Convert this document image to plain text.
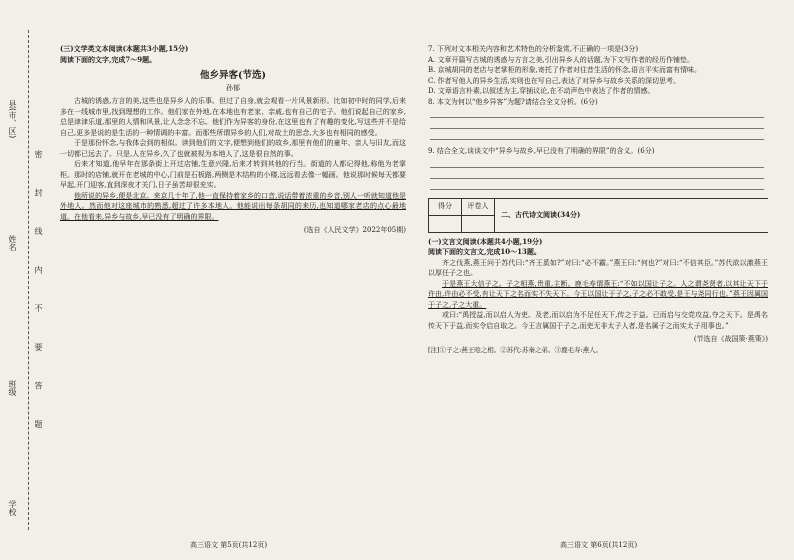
县(市、区)
姓名
班级
学校
密 封 线 内 不 要 答 题
(三)文学类文本阅读(本题共3小题,15分)
阅读下面的文字,完成7～9题。
他乡异客(节选)
孙郁

古城的诱惑,方言的美,这些也是异乡人的乐事。但过了自身,就会观看一片风景新形。比如初中时的同学,后来多在一线城市里,找到理想的工作。他们家在外地,在本地也有老家、亲戚,也有自己的宅子。他们说起自己的家乡,总是津津乐道,那里的人情和风景,让人念念不忘。他们作为异客的身份,在这里也有了有趣的变化,写这些并不是给自己,更多是说的是生活的一种情调的丰富。而那些所谓异乡的人们,对故土的思念,大多也有相同的感受。

于是那份怀念,与我体会到的相似。读到他们的文字,便想到他们的故乡,那里有他们的童年、亲人与旧友,而这一切都已远去了。只是,人在异乡,久了也就被视为本地人了,这是很自然的事。

后来才知道,他早年在那条街上开过店铺,生意兴隆,后来才转到其他的行当。街道的人都记得他,称他为老掌柜。那时的店铺,就开在老城的中心,门前是石板路,两侧是木结构的小楼,远远看去像一幅画。他说那时候每天都要早起,开门迎客,直到深夜才关门,日子虽苦却很充实。

他所说的异乡,便是北京。来京几十年了,他一直保持着家乡的口音,说话带着浓重的乡音,别人一听就知道他是外地人。然而他对这座城市的熟悉,超过了许多本地人。他能说出每条胡同的来历,也知道哪家老店的点心最地道。在他看来,异乡与故乡,早已没有了明确的界限。

(选自《人民文学》2022年05期)

7. 下列对文本相关内容和艺术特色的分析鉴赏,不正确的一项是(3分)

A. 文章开篇写古城的诱惑与方言之美,引出异乡人的话题,为下文写作者的经历作铺垫。

B. 京城胡同的老店与老掌柜的形象,寄托了作者对往昔生活的怀念,语言平实而富有情味。

C. 作者写他人的异乡生活,实则也在写自己,表达了对异乡与故乡关系的深切思考。

D. 文章语言朴素,以叙述为主,穿插议论,在不动声色中表达了作者的情感。

8. 本文为何以“他乡异客”为题?请结合全文分析。(6分)

9. 结合全文,谈谈文中“异乡与故乡,早已没有了明确的界限”的含义。(6分)

得分	评卷人

二、古代诗文阅读(34分)
(一)文言文阅读(本题共4小题,19分)
阅读下面的文言文,完成10～13题。

齐之伐燕,燕王问于苏代曰:“齐王奚如?”对曰:“必不霸。”燕王曰:“何也?”对曰:“不信其臣。”苏代欲以激燕王以厚任子之也。

于是燕王大信子之。子之相燕,贵重,主断。鹿毛寿谓燕王:“不如以国让子之。人之谓尧贤者,以其让天下于许由,许由必不受,有让天下之名而实不失天下。今王以国让于子之,子之必不敢受,是王与尧同行也。”燕王因属国于子之,子之大重。

或曰:“禹授益,而以启人为吏。及老,而以启为不足任天下,传之于益。已而启与交党攻益,夺之天下。是禹名传天下于益,而实令启自取之。今王言属国于子之,而吏无非太子人者,是名属子之而实太子用事也。”

(节选自《战国策·燕策》)
[注]①子之:燕王哙之相。②苏代:苏秦之弟。③鹿毛寿:燕人。
高三语文 第5页(共12页)	高三语文 第6页(共12页)
